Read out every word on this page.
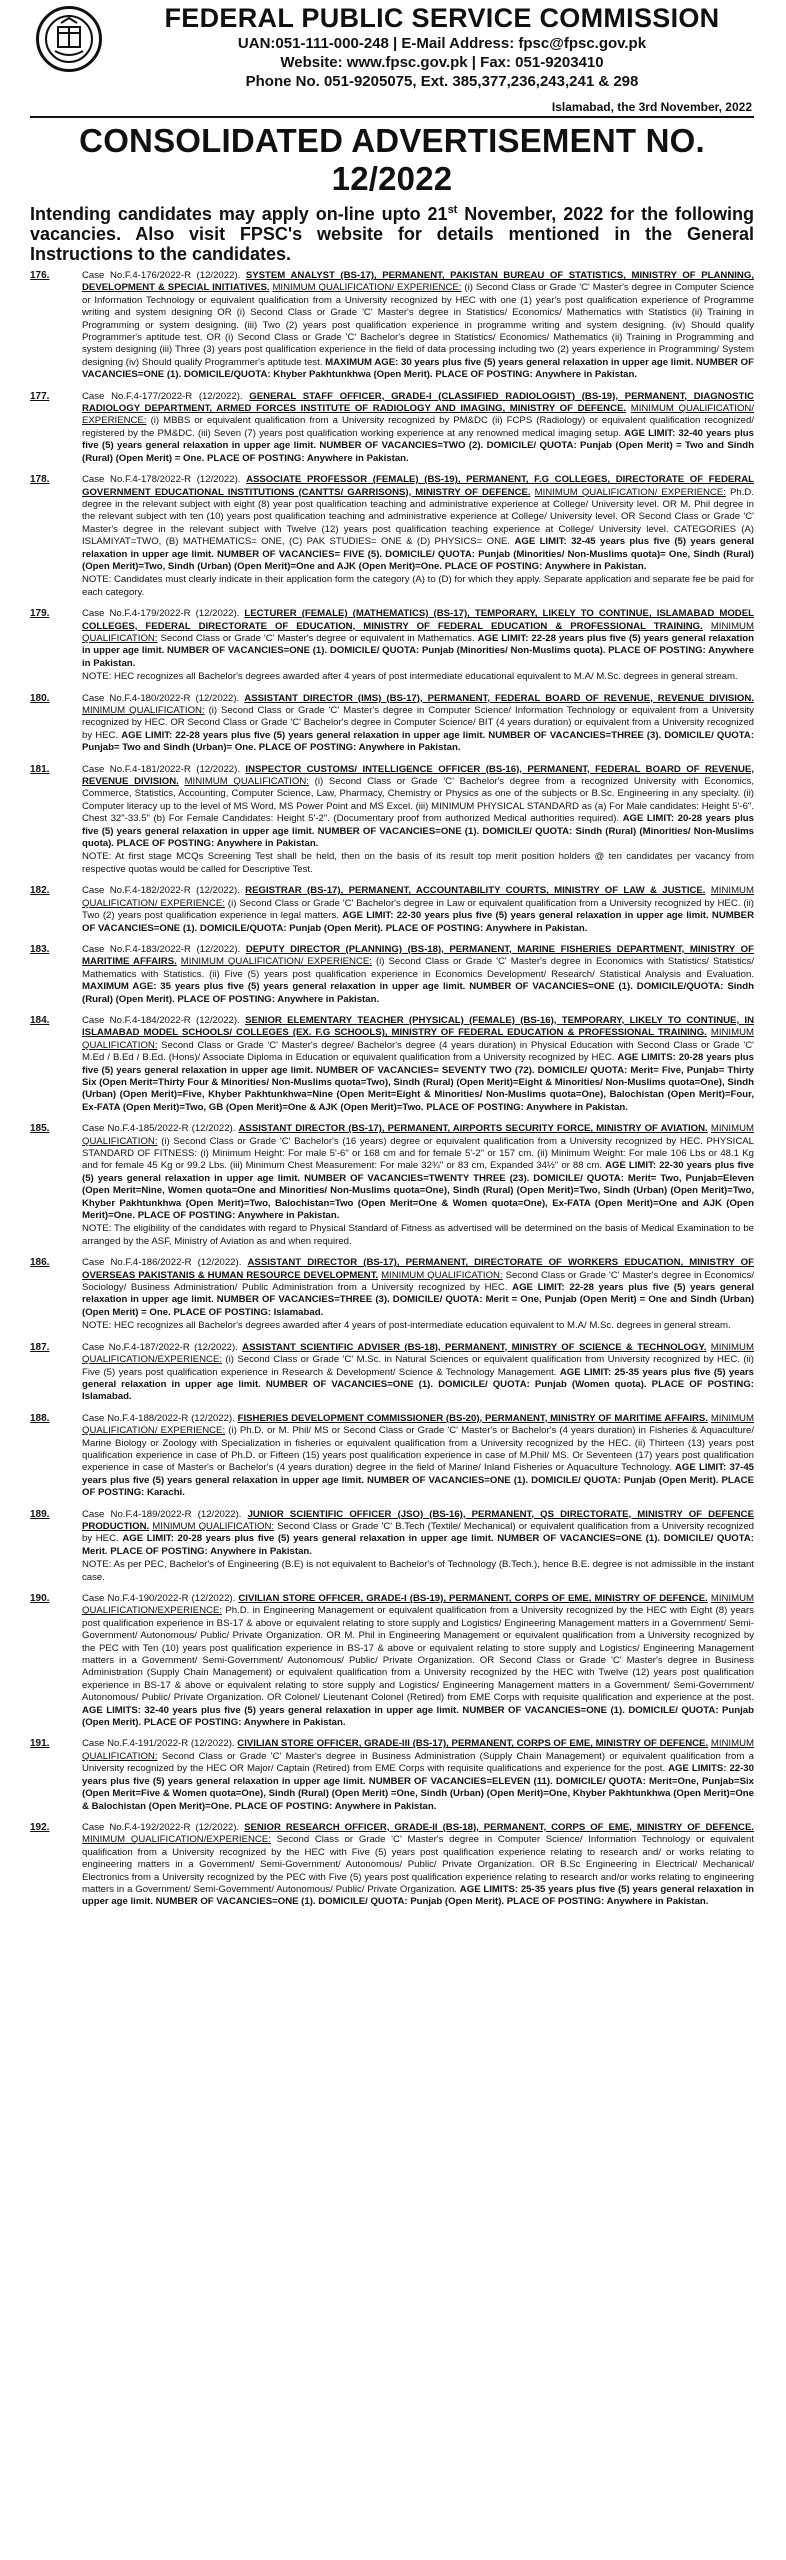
FEDERAL PUBLIC SERVICE COMMISSION
UAN:051-111-000-248 | E-Mail Address: fpsc@fpsc.gov.pk
Website: www.fpsc.gov.pk | Fax: 051-9203410
Phone No. 051-9205075, Ext. 385,377,236,243,241 & 298
Islamabad, the 3rd November, 2022
CONSOLIDATED ADVERTISEMENT NO. 12/2022
Intending candidates may apply on-line upto 21st November, 2022 for the following vacancies. Also visit FPSC's website for details mentioned in the General Instructions to the candidates.
176.	Case No.F.4-176/2022-R (12/2022). SYSTEM ANALYST (BS-17), PERMANENT, PAKISTAN BUREAU OF STATISTICS, MINISTRY OF PLANNING, DEVELOPMENT & SPECIAL INITIATIVES. MINIMUM QUALIFICATION/ EXPERIENCE: (i) Second Class or Grade 'C' Master's degree in Computer Science or Information Technology or equivalent qualification from a University recognized by HEC with one (1) year's post qualification experience of Programme writing and system designing OR (i) Second Class or Grade 'C' Master's degree in Statistics/ Economics/ Mathematics with Statistics (ii) Training in Programming or system designing. (iii) Two (2) years post qualification experience in programme writing and system designing. (iv) Should qualify Programmer's aptitude test. OR (i) Second Class or Grade 'C' Bachelor's degree in Statistics/ Economics/ Mathematics (ii) Training in Programming and system designing (iii) Three (3) years post qualification experience in the field of data processing including two (2) years experience in Programming/ System designing (iv) Should qualify Programmer's aptitude test. MAXIMUM AGE: 30 years plus five (5) years general relaxation in upper age limit. NUMBER OF VACANCIES=ONE (1). DOMICILE/QUOTA: Khyber Pakhtunkhwa (Open Merit). PLACE OF POSTING: Anywhere in Pakistan.
177.	Case No.F.4-177/2022-R (12/2022). GENERAL STAFF OFFICER, GRADE-I (CLASSIFIED RADIOLOGIST) (BS-19), PERMANENT, DIAGNOSTIC RADIOLOGY DEPARTMENT, ARMED FORCES INSTITUTE OF RADIOLOGY AND IMAGING, MINISTRY OF DEFENCE. MINIMUM QUALIFICATION/ EXPERIENCE: (i) MBBS or equivalent qualification from a University recognized by PM&DC (ii) FCPS (Radiology) or equivalent qualification recognized/ registered by the PM&DC. (iii) Seven (7) years post qualification working experience at any renowned medical imaging setup. AGE LIMIT: 32-40 years plus five (5) years general relaxation in upper age limit. NUMBER OF VACANCIES=TWO (2). DOMICILE/ QUOTA: Punjab (Open Merit) = Two and Sindh (Rural) (Open Merit) = One. PLACE OF POSTING: Anywhere in Pakistan.
178.	Case No.F.4-178/2022-R (12/2022). ASSOCIATE PROFESSOR (FEMALE) (BS-19), PERMANENT, F.G COLLEGES, DIRECTORATE OF FEDERAL GOVERNMENT EDUCATIONAL INSTITUTIONS (CANTTS/ GARRISONS), MINISTRY OF DEFENCE. MINIMUM QUALIFICATION/ EXPERIENCE: Ph.D. degree in the relevant subject with eight (8) year post qualification teaching and administrative experience at College/ University level. OR M. Phil degree in the relevant subject with ten (10) years post qualification teaching and administrative experience at College/ University level. OR Second Class or Grade 'C' Master's degree in the relevant subject with Twelve (12) years post qualification teaching experience at College/ University level. CATEGORIES (A) ISLAMIYAT=TWO, (B) MATHEMATICS= ONE, (C) PAK STUDIES= ONE & (D) PHYSICS= ONE. AGE LIMIT: 32-45 years plus five (5) years general relaxation in upper age limit. NUMBER OF VACANCIES= FIVE (5). DOMICILE/ QUOTA: Punjab (Minorities/ Non-Muslims quota)= One, Sindh (Rural) (Open Merit)=Two, Sindh (Urban) (Open Merit)=One and AJK (Open Merit)=One. PLACE OF POSTING: Anywhere in Pakistan.
NOTE: Candidates must clearly indicate in their application form the category (A) to (D) for which they apply. Separate application and separate fee be paid for each category.
179.	Case No.F.4-179/2022-R (12/2022). LECTURER (FEMALE) (MATHEMATICS) (BS-17), TEMPORARY, LIKELY TO CONTINUE, ISLAMABAD MODEL COLLEGES, FEDERAL DIRECTORATE OF EDUCATION, MINISTRY OF FEDERAL EDUCATION & PROFESSIONAL TRAINING. MINIMUM QUALIFICATION: Second Class or Grade 'C' Master's degree or equivalent in Mathematics. AGE LIMIT: 22-28 years plus five (5) years general relaxation in upper age limit. NUMBER OF VACANCIES=ONE (1). DOMICILE/ QUOTA: Punjab (Minorities/ Non-Muslims quota). PLACE OF POSTING: Anywhere in Pakistan.
NOTE: HEC recognizes all Bachelor's degrees awarded after 4 years of post intermediate educational equivalent to M.A/ M.Sc. degrees in general stream.
180.	Case No.F.4-180/2022-R (12/2022). ASSISTANT DIRECTOR (IMS) (BS-17), PERMANENT, FEDERAL BOARD OF REVENUE, REVENUE DIVISION. MINIMUM QUALIFICATION: (i) Second Class or Grade 'C' Master's degree in Computer Science/ Information Technology or equivalent from a University recognized by HEC. OR Second Class or Grade 'C' Bachelor's degree in Computer Science/ BIT (4 years duration) or equivalent from a University recognized by HEC. AGE LIMIT: 22-28 years plus five (5) years general relaxation in upper age limit. NUMBER OF VACANCIES=THREE (3). DOMICILE/ QUOTA: Punjab= Two and Sindh (Urban)= One. PLACE OF POSTING: Anywhere in Pakistan.
181.	Case No.F.4-181/2022-R (12/2022). INSPECTOR CUSTOMS/ INTELLIGENCE OFFICER (BS-16), PERMANENT, FEDERAL BOARD OF REVENUE, REVENUE DIVISION. MINIMUM QUALIFICATION: (i) Second Class or Grade 'C' Bachelor's degree from a recognized University with Economics, Commerce, Statistics, Accounting, Computer Science, Law, Pharmacy, Chemistry or Physics as one of the subjects or B.Sc. Engineering in any specialty. (ii) Computer literacy up to the level of MS Word, MS Power Point and MS Excel. (iii) MINIMUM PHYSICAL STANDARD as (a) For Male candidates: Height 5'-6". Chest 32"-33.5" (b) For Female Candidates: Height 5'-2". (Documentary proof from authorized Medical authorities required). AGE LIMIT: 20-28 years plus five (5) years general relaxation in upper age limit. NUMBER OF VACANCIES=ONE (1). DOMICILE/ QUOTA: Sindh (Rural) (Minorities/ Non-Muslims quota). PLACE OF POSTING: Anywhere in Pakistan.
NOTE: At first stage MCQs Screening Test shall be held, then on the basis of its result top merit position holders @ ten candidates per vacancy from respective quotas would be called for Descriptive Test.
182.	Case No.F.4-182/2022-R (12/2022). REGISTRAR (BS-17), PERMANENT, ACCOUNTABILITY COURTS, MINISTRY OF LAW & JUSTICE. MINIMUM QUALIFICATION/ EXPERIENCE: (i) Second Class or Grade 'C' Bachelor's degree in Law or equivalent qualification from a University recognized by HEC. (ii) Two (2) years post qualification experience in legal matters. AGE LIMIT: 22-30 years plus five (5) years general relaxation in upper age limit. NUMBER OF VACANCIES=ONE (1). DOMICILE/QUOTA: Punjab (Open Merit). PLACE OF POSTING: Anywhere in Pakistan.
183.	Case No.F.4-183/2022-R (12/2022). DEPUTY DIRECTOR (PLANNING) (BS-18), PERMANENT, MARINE FISHERIES DEPARTMENT, MINISTRY OF MARITIME AFFAIRS. MINIMUM QUALIFICATION/ EXPERIENCE: (i) Second Class or Grade 'C' Master's degree in Economics with Statistics/ Statistics/ Mathematics with Statistics. (ii) Five (5) years post qualification experience in Economics Development/ Research/ Statistical Analysis and Evaluation. MAXIMUM AGE: 35 years plus five (5) years general relaxation in upper age limit. NUMBER OF VACANCIES=ONE (1). DOMICILE/QUOTA: Sindh (Rural) (Open Merit). PLACE OF POSTING: Anywhere in Pakistan.
184.	Case No.F.4-184/2022-R (12/2022). SENIOR ELEMENTARY TEACHER (PHYSICAL) (FEMALE) (BS-16), TEMPORARY, LIKELY TO CONTINUE, IN ISLAMABAD MODEL SCHOOLS/ COLLEGES (EX. F.G SCHOOLS), MINISTRY OF FEDERAL EDUCATION & PROFESSIONAL TRAINING. MINIMUM QUALIFICATION: Second Class or Grade 'C' Master's degree/ Bachelor's degree (4 years duration) in Physical Education with Second Class or Grade 'C' M.Ed / B.Ed / B.Ed. (Hons)/ Associate Diploma in Education or equivalent qualification from a University recognized by HEC. AGE LIMITS: 20-28 years plus five (5) years general relaxation in upper age limit. NUMBER OF VACANCIES= SEVENTY TWO (72). DOMICILE/ QUOTA: Merit= Five, Punjab= Thirty Six (Open Merit=Thirty Four & Minorities/ Non-Muslims quota=Two), Sindh (Rural) (Open Merit)=Eight & Minorities/ Non-Muslims quota=One), Sindh (Urban) (Open Merit)=Five, Khyber Pakhtunkhwa=Nine (Open Merit=Eight & Minorities/ Non-Muslims quota=One), Balochistan (Open Merit)=Four, Ex-FATA (Open Merit)=Two, GB (Open Merit)=One & AJK (Open Merit)=Two. PLACE OF POSTING: Anywhere in Pakistan.
185.	Case No.F.4-185/2022-R (12/2022). ASSISTANT DIRECTOR (BS-17), PERMANENT, AIRPORTS SECURITY FORCE, MINISTRY OF AVIATION. MINIMUM QUALIFICATION: (i) Second Class or Grade 'C' Bachelor's (16 years) degree or equivalent qualification from a University recognized by HEC. PHYSICAL STANDARD OF FITNESS: (i) Minimum Height: For male 5'-6" or 168 cm and for female 5'-2" or 157 cm. (ii) Minimum Weight: For male 106 Lbs or 48.1 Kg and for female 45 Kg or 99.2 Lbs. (iii) Minimum Chest Measurement: For male 32¾" or 83 cm, Expanded 34½" or 88 cm. AGE LIMIT: 22-30 years plus five (5) years general relaxation in upper age limit. NUMBER OF VACANCIES=TWENTY THREE (23). DOMICILE/ QUOTA: Merit= Two, Punjab=Eleven (Open Merit=Nine, Women quota=One and Minorities/ Non-Muslims quota=One), Sindh (Rural) (Open Merit)=Two, Sindh (Urban) (Open Merit)=Two, Khyber Pakhtunkhwa (Open Merit)=Two, Balochistan=Two (Open Merit=One & Women quota=One), Ex-FATA (Open Merit)=One and AJK (Open Merit)=One. PLACE OF POSTING: Anywhere in Pakistan.
NOTE: The eligibility of the candidates with regard to Physical Standard of Fitness as advertised will be determined on the basis of Medical Examination to be arranged by the ASF, Ministry of Aviation as and when required.
186.	Case No.F.4-186/2022-R (12/2022). ASSISTANT DIRECTOR (BS-17), PERMANENT, DIRECTORATE OF WORKERS EDUCATION, MINISTRY OF OVERSEAS PAKISTANIS & HUMAN RESOURCE DEVELOPMENT. MINIMUM QUALIFICATION: Second Class or Grade 'C' Master's degree in Economics/ Sociology/ Business Administration/ Public Administration from a University recognized by HEC. AGE LIMIT: 22-28 years plus five (5) years general relaxation in upper age limit. NUMBER OF VACANCIES=THREE (3). DOMICILE/ QUOTA: Merit = One, Punjab (Open Merit) = One and Sindh (Urban) (Open Merit) = One. PLACE OF POSTING: Islamabad.
NOTE: HEC recognizes all Bachelor's degrees awarded after 4 years of post-intermediate education equivalent to M.A/ M.Sc. degrees in general stream.
187.	Case No.F.4-187/2022-R (12/2022). ASSISTANT SCIENTIFIC ADVISER (BS-18), PERMANENT, MINISTRY OF SCIENCE & TECHNOLOGY. MINIMUM QUALIFICATION/EXPERIENCE: (i) Second Class or Grade 'C' M.Sc. in Natural Sciences or equivalent qualification from University recognized by HEC. (ii) Five (5) years post qualification experience in Research & Development/ Science & Technology Management. AGE LIMIT: 25-35 years plus five (5) years general relaxation in upper age limit. NUMBER OF VACANCIES=ONE (1). DOMICILE/ QUOTA: Punjab (Women quota). PLACE OF POSTING: Islamabad.
188.	Case No.F.4-188/2022-R (12/2022). FISHERIES DEVELOPMENT COMMISSIONER (BS-20), PERMANENT, MINISTRY OF MARITIME AFFAIRS. MINIMUM QUALIFICATION/ EXPERIENCE: (i) Ph.D. or M. Phil/ MS or Second Class or Grade 'C' Master's or Bachelor's (4 years duration) in Fisheries & Aquaculture/ Marine Biology or Zoology with Specialization in fisheries or equivalent qualification from a University recognized by the HEC. (ii) Thirteen (13) years post qualification experience in case of Ph.D. or Fifteen (15) years post qualification experience in case of M.Phil/ MS. Or Seventeen (17) years post qualification experience in case of Master's or Bachelor's (4 years duration) degree in the field of Marine/ Inland Fisheries or Aquaculture Technology. AGE LIMIT: 37-45 years plus five (5) years general relaxation in upper age limit. NUMBER OF VACANCIES=ONE (1). DOMICILE/ QUOTA: Punjab (Open Merit). PLACE OF POSTING: Karachi.
189.	Case No.F.4-189/2022-R (12/2022). JUNIOR SCIENTIFIC OFFICER (JSO) (BS-16), PERMANENT, QS DIRECTORATE, MINISTRY OF DEFENCE PRODUCTION. MINIMUM QUALIFICATION: Second Class or Grade 'C' B.Tech (Textile/ Mechanical) or equivalent qualification from a University recognized by HEC. AGE LIMIT: 20-28 years plus five (5) years general relaxation in upper age limit. NUMBER OF VACANCIES=ONE (1). DOMICILE/ QUOTA: Merit. PLACE OF POSTING: Anywhere in Pakistan.
NOTE: As per PEC, Bachelor's of Engineering (B.E) is not equivalent to Bachelor's of Technology (B.Tech.), hence B.E. degree is not admissible in the instant case.
190.	Case No.F.4-190/2022-R (12/2022). CIVILIAN STORE OFFICER, GRADE-I (BS-19), PERMANENT, CORPS OF EME, MINISTRY OF DEFENCE. MINIMUM QUALIFICATION/EXPERIENCE: Ph.D. in Engineering Management or equivalent qualification from a University recognized by the HEC with Eight (8) years post qualification experience in BS-17 & above or equivalent relating to store supply and Logistics/ Engineering Management matters in a Government/ Semi-Government/ Autonomous/ Public/ Private Organization. OR M. Phil in Engineering Management or equivalent qualification from a University recognized by the PEC with Ten (10) years post qualification experience in BS-17 & above or equivalent relating to store supply and Logistics/ Engineering Management matters in a Government/ Semi-Government/ Autonomous/ Public/ Private Organization. OR Second Class or Grade 'C' Master's degree in Business Administration (Supply Chain Management) or equivalent qualification from a University recognized by the HEC with Twelve (12) years post qualification experience in BS-17 & above or equivalent relating to store supply and Logistics/ Engineering Management matters in a Government/ Semi-Government/ Autonomous/ Public/ Private Organization. OR Colonel/ Lieutenant Colonel (Retired) from EME Corps with requisite qualification and experience at the post. AGE LIMITS: 32-40 years plus five (5) years general relaxation in upper age limit. NUMBER OF VACANCIES=ONE (1). DOMICILE/ QUOTA: Punjab (Open Merit). PLACE OF POSTING: Anywhere in Pakistan.
191.	Case No.F.4-191/2022-R (12/2022). CIVILIAN STORE OFFICER, GRADE-III (BS-17), PERMANENT, CORPS OF EME, MINISTRY OF DEFENCE. MINIMUM QUALIFICATION: Second Class or Grade 'C' Master's degree in Business Administration (Supply Chain Management) or equivalent qualification from a University recognized by the HEC OR Major/ Captain (Retired) from EME Corps with requisite qualifications and experience for the post. AGE LIMITS: 22-30 years plus five (5) years general relaxation in upper age limit. NUMBER OF VACANCIES=ELEVEN (11). DOMICILE/ QUOTA: Merit=One, Punjab=Six (Open Merit=Five & Women quota=One), Sindh (Rural) (Open Merit) =One, Sindh (Urban) (Open Merit)=One, Khyber Pakhtunkhwa (Open Merit)=One & Balochistan (Open Merit)=One. PLACE OF POSTING: Anywhere in Pakistan.
192.	Case No.F.4-192/2022-R (12/2022). SENIOR RESEARCH OFFICER, GRADE-II (BS-18), PERMANENT, CORPS OF EME, MINISTRY OF DEFENCE. MINIMUM QUALIFICATION/EXPERIENCE: Second Class or Grade 'C' Master's degree in Computer Science/ Information Technology or equivalent qualification from a University recognized by the HEC with Five (5) years post qualification experience relating to research and/ or works relating to engineering matters in a Government/ Semi-Government/ Autonomous/ Public/ Private Organization. OR B.Sc Engineering in Electrical/ Mechanical/ Electronics from a University recognized by the PEC with Five (5) years post qualification experience relating to research and/or works relating to engineering matters in a Government/ Semi-Government/ Autonomous/ Public/ Private Organization. AGE LIMITS: 25-35 years plus five (5) years general relaxation in upper age limit. NUMBER OF VACANCIES=ONE (1). DOMICILE/ QUOTA: Punjab (Open Merit). PLACE OF POSTING: Anywhere in Pakistan.
